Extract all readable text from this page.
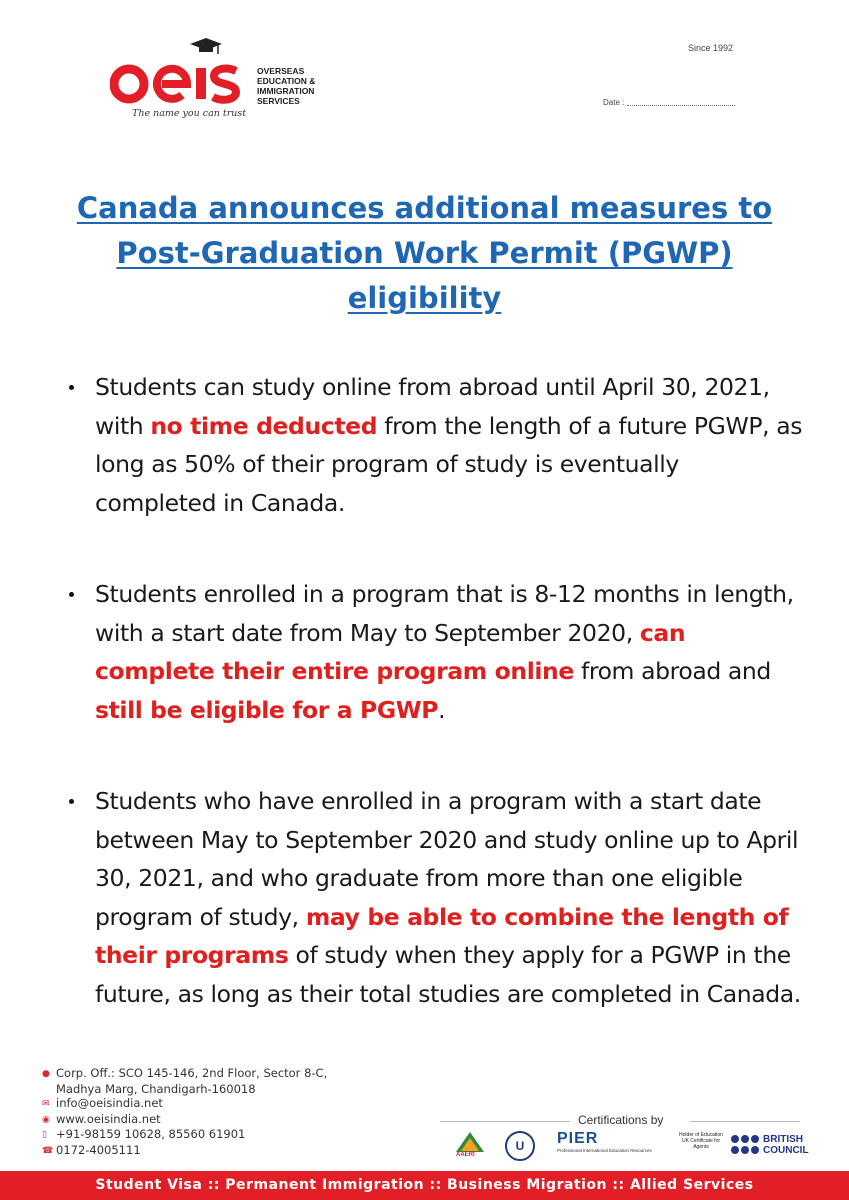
OVERSEAS
EDUCATION &
IMMIGRATION
SERVICES
The name you can trust
Since 1992
Date :
Canada announces additional measures to Post-Graduation Work Permit (PGWP) eligibility
Students can study online from abroad until April 30, 2021, with no time deducted from the length of a future PGWP, as long as 50% of their program of study is eventually completed in Canada.
Students enrolled in a program that is 8-12 months in length, with a start date from May to September 2020, can complete their entire program online from abroad and still be eligible for a PGWP.
Students who have enrolled in a program with a start date between May to September 2020 and study online up to April 30, 2021, and who graduate from more than one eligible program of study, may be able to combine the length of their programs of study when they apply for a PGWP in the future, as long as their total studies are completed in Canada.
● Corp. Off.: SCO 145-146, 2nd Floor, Sector 8-C,
Madhya Marg, Chandigarh-160018
✉ info@oeisindia.net
◉ www.oeisindia.net
▯ +91-98159 10628, 85560 61901
☎ 0172-4005111
Certifications by
AAERI
U	PIER
Professional International Education Resources
Holder of Education UK Certificate for Agents
BRITISH
COUNCIL
Student Visa :: Permanent Immigration :: Business Migration :: Allied Services
